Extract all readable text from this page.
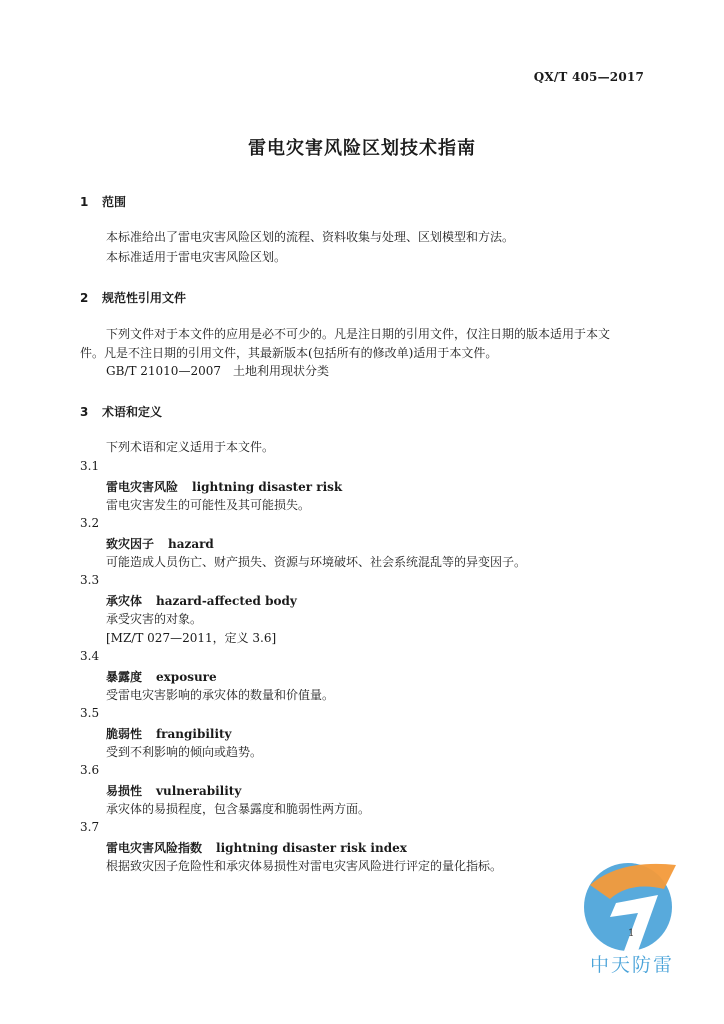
QX/T 405—2017
雷电灾害风险区划技术指南
1 范围
本标准给出了雷电灾害风险区划的流程、资料收集与处理、区划模型和方法。
本标准适用于雷电灾害风险区划。
2 规范性引用文件
下列文件对于本文件的应用是必不可少的。凡是注日期的引用文件，仅注日期的版本适用于本文
件。凡是不注日期的引用文件，其最新版本(包括所有的修改单)适用于本文件。
GB/T 21010—2007　土地利用现状分类
3 术语和定义
下列术语和定义适用于本文件。
3.1
雷电灾害风险 lightning disaster risk
雷电灾害发生的可能性及其可能损失。
3.2
致灾因子 hazard
可能造成人员伤亡、财产损失、资源与环境破坏、社会系统混乱等的异变因子。
3.3
承灾体 hazard-affected body
承受灾害的对象。
[MZ/T 027—2011，定义 3.6]
3.4
暴露度 exposure
受雷电灾害影响的承灾体的数量和价值量。
3.5
脆弱性 frangibility
受到不利影响的倾向或趋势。
3.6
易损性 vulnerability
承灾体的易损程度，包含暴露度和脆弱性两方面。
3.7
雷电灾害风险指数 lightning disaster risk index
根据致灾因子危险性和承灾体易损性对雷电灾害风险进行评定的量化指标。
1
中天防雷
